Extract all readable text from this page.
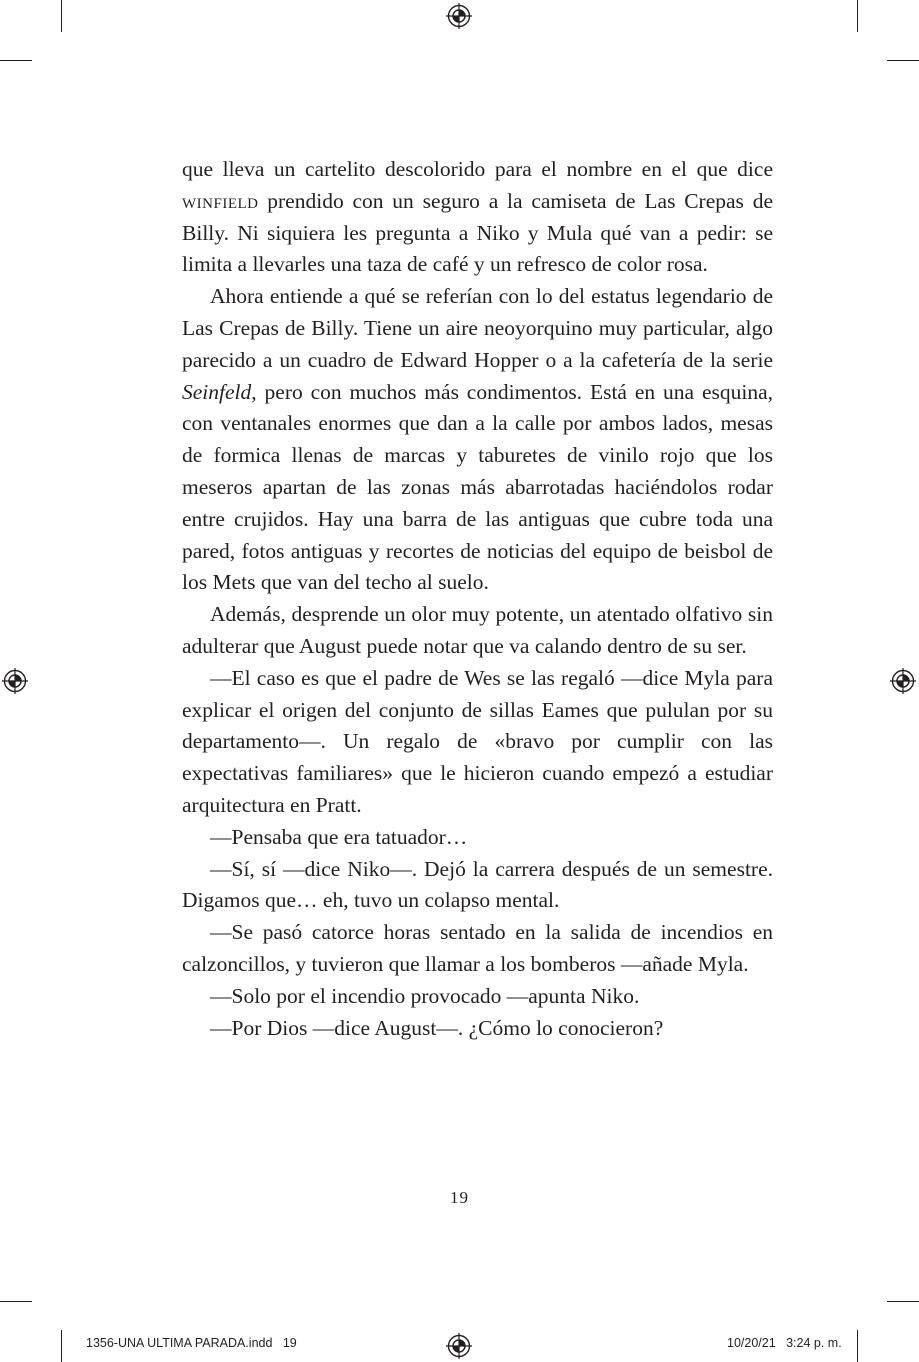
que lleva un cartelito descolorido para el nombre en el que dice winfield prendido con un seguro a la camiseta de Las Crepas de Billy. Ni siquiera les pregunta a Niko y Mula qué van a pedir: se limita a llevarles una taza de café y un refresco de color rosa.

Ahora entiende a qué se referían con lo del estatus legendario de Las Crepas de Billy. Tiene un aire neoyorquino muy particular, algo parecido a un cuadro de Edward Hopper o a la cafetería de la serie Seinfeld, pero con muchos más condimentos. Está en una esquina, con ventanales enormes que dan a la calle por ambos lados, mesas de formica llenas de marcas y taburetes de vinilo rojo que los meseros apartan de las zonas más abarrotadas haciéndolos rodar entre crujidos. Hay una barra de las antiguas que cubre toda una pared, fotos antiguas y recortes de noticias del equipo de beisbol de los Mets que van del techo al suelo.

Además, desprende un olor muy potente, un atentado olfativo sin adulterar que August puede notar que va calando dentro de su ser.

—El caso es que el padre de Wes se las regaló —dice Myla para explicar el origen del conjunto de sillas Eames que pululan por su departamento—. Un regalo de «bravo por cumplir con las expectativas familiares» que le hicieron cuando empezó a estudiar arquitectura en Pratt.

—Pensaba que era tatuador…

—Sí, sí —dice Niko—. Dejó la carrera después de un semestre. Digamos que… eh, tuvo un colapso mental.

—Se pasó catorce horas sentado en la salida de incendios en calzoncillos, y tuvieron que llamar a los bomberos —añade Myla.

—Solo por el incendio provocado —apunta Niko.

—Por Dios —dice August—. ¿Cómo lo conocieron?

19
1356-UNA ULTIMA PARADA.indd   19	10/20/21   3:24 p. m.
